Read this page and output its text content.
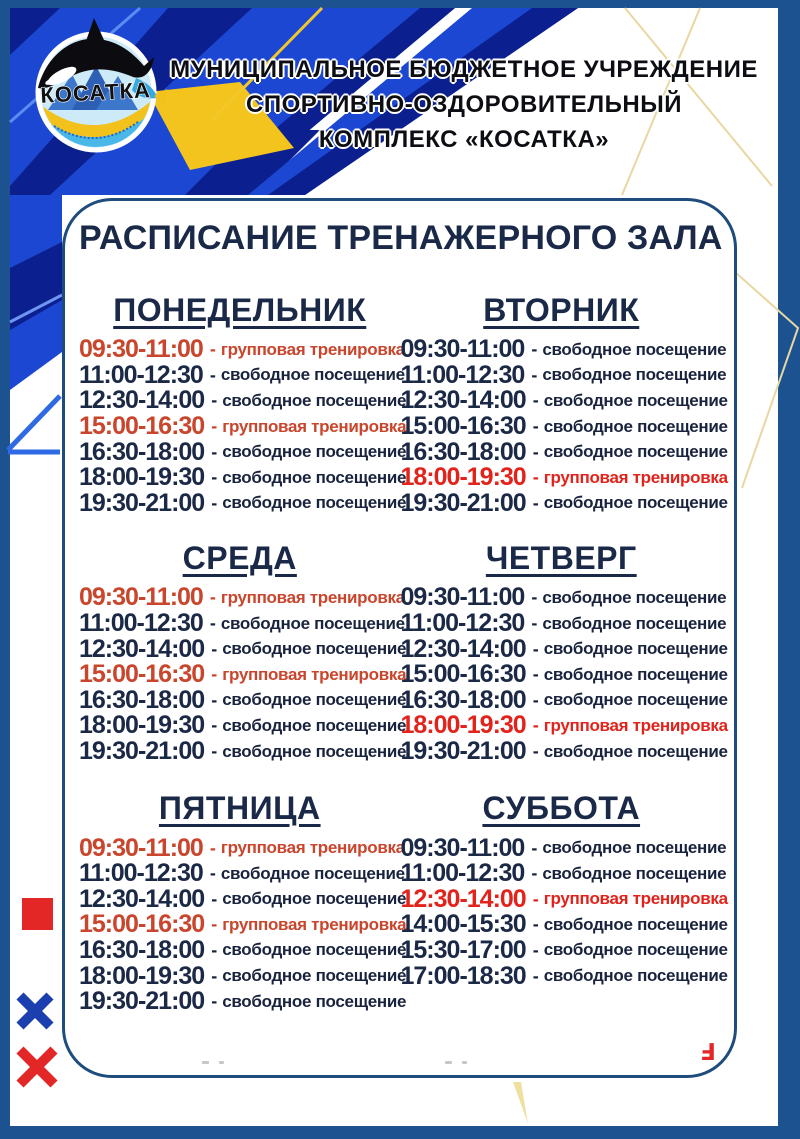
КОСАТКА
МУНИЦИПАЛЬНОЕ БЮДЖЕТНОЕ УЧРЕЖДЕНИЕ
СПОРТИВНО-ОЗДОРОВИТЕЛЬНЫЙ
КОМПЛЕКС «КОСАТКА»
РАСПИСАНИЕ ТРЕНАЖЕРНОГО ЗАЛА
ПОНЕДЕЛЬНИК
09:30-11:00 - групповая тренировка
11:00-12:30 - свободное посещение
12:30-14:00 - свободное посещение
15:00-16:30 - групповая тренировка
16:30-18:00 - свободное посещение
18:00-19:30 - свободное посещение
19:30-21:00 - свободное посещение
ВТОРНИК
09:30-11:00 - свободное посещение
11:00-12:30 - свободное посещение
12:30-14:00 - свободное посещение
15:00-16:30 - свободное посещение
16:30-18:00 - свободное посещение
18:00-19:30 - групповая тренировка
19:30-21:00 - свободное посещение
СРЕДА
09:30-11:00 - групповая тренировка
11:00-12:30 - свободное посещение
12:30-14:00 - свободное посещение
15:00-16:30 - групповая тренировка
16:30-18:00 - свободное посещение
18:00-19:30 - свободное посещение
19:30-21:00 - свободное посещение
ЧЕТВЕРГ
09:30-11:00 - свободное посещение
11:00-12:30 - свободное посещение
12:30-14:00 - свободное посещение
15:00-16:30 - свободное посещение
16:30-18:00 - свободное посещение
18:00-19:30 - групповая тренировка
19:30-21:00 - свободное посещение
ПЯТНИЦА
09:30-11:00 - групповая тренировка
11:00-12:30 - свободное посещение
12:30-14:00 - свободное посещение
15:00-16:30 - групповая тренировка
16:30-18:00 - свободное посещение
18:00-19:30 - свободное посещение
19:30-21:00 - свободное посещение
СУББОТА
09:30-11:00 - свободное посещение
11:00-12:30 - свободное посещение
12:30-14:00 - групповая тренировка
14:00-15:30 - свободное посещение
15:30-17:00 - свободное посещение
17:00-18:30 - свободное посещение
Ⅎ
